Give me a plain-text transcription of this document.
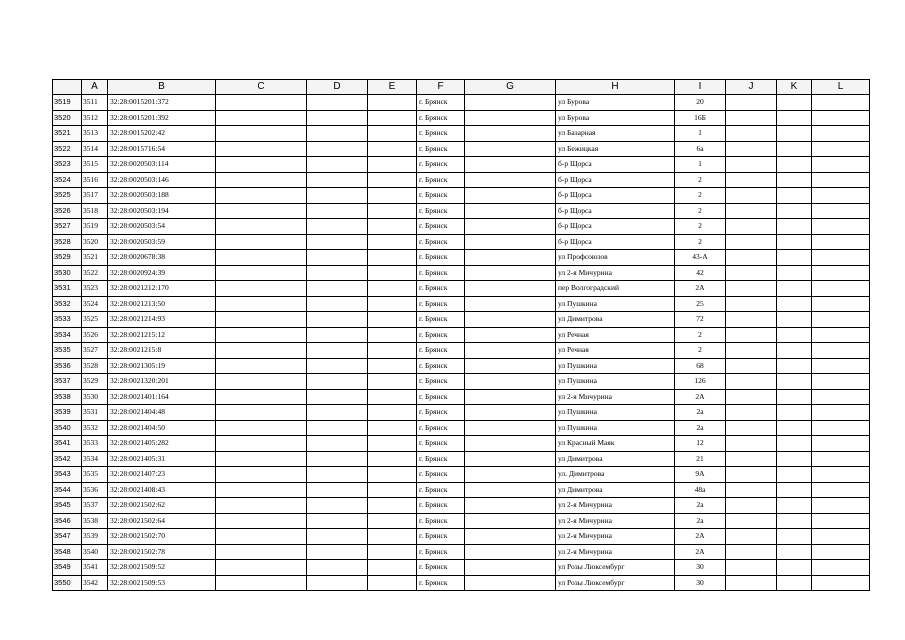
	A	B	C	D	E	F	G	H	I	J	K	L
3519	3511	32:28:0015201:372				г. Брянск		ул Бурова	20			
3520	3512	32:28:0015201:392				г. Брянск		ул Бурова	16Б			
3521	3513	32:28:0015202:42				г. Брянск		ул Базарная	1			
3522	3514	32:28:0015716:54				г. Брянск		ул Бежицкая	6а			
3523	3515	32:28:0020503:114				г. Брянск		б-р Щорса	1			
3524	3516	32:28:0020503:146				г. Брянск		б-р Щорса	2			
3525	3517	32:28:0020503:188				г. Брянск		б-р Щорса	2			
3526	3518	32:28:0020503:194				г. Брянск		б-р Щорса	2			
3527	3519	32:28:0020503:54				г. Брянск		б-р Щорса	2			
3528	3520	32:28:0020503:59				г. Брянск		б-р Щорса	2			
3529	3521	32:28:0020678:38				г. Брянск		ул Профсоюзов	43-А			
3530	3522	32:28:0020924:39				г. Брянск		ул 2-я Мичурина	42			
3531	3523	32:28:0021212:170				г. Брянск		пер Волгоградский	2А			
3532	3524	32:28:0021213:50				г. Брянск		ул Пушкина	25			
3533	3525	32:28:0021214:93				г. Брянск		ул Димитрова	72			
3534	3526	32:28:0021215:12				г. Брянск		ул Речная	2			
3535	3527	32:28:0021215:8				г. Брянск		ул Речная	2			
3536	3528	32:28:0021305:19				г. Брянск		ул Пушкина	68			
3537	3529	32:28:0021320:201				г. Брянск		ул Пушкина	126			
3538	3530	32:28:0021401:164				г. Брянск		ул 2-я Мичурина	2А			
3539	3531	32:28:0021404:48				г. Брянск		ул Пушкина	2а			
3540	3532	32:28:0021404:50				г. Брянск		ул Пушкина	2а			
3541	3533	32:28:0021405:282				г. Брянск		ул Красный Маяк	12			
3542	3534	32:28:0021405:31				г. Брянск		ул Димитрова	21			
3543	3535	32:28:0021407:23				г. Брянск		ул. Димитрова	9А			
3544	3536	32:28:0021408:43				г. Брянск		ул Димитрова	48а			
3545	3537	32:28:0021502:62				г. Брянск		ул 2-я Мичурина	2а			
3546	3538	32:28:0021502:64				г. Брянск		ул 2-я Мичурина	2а			
3547	3539	32:28:0021502:70				г. Брянск		ул 2-я Мичурина	2А			
3548	3540	32:28:0021502:78				г. Брянск		ул 2-я Мичурина	2А			
3549	3541	32:28:0021509:52				г. Брянск		ул Розы Люксембург	30			
3550	3542	32:28:0021509:53				г. Брянск		ул Розы Люксембург	30			
